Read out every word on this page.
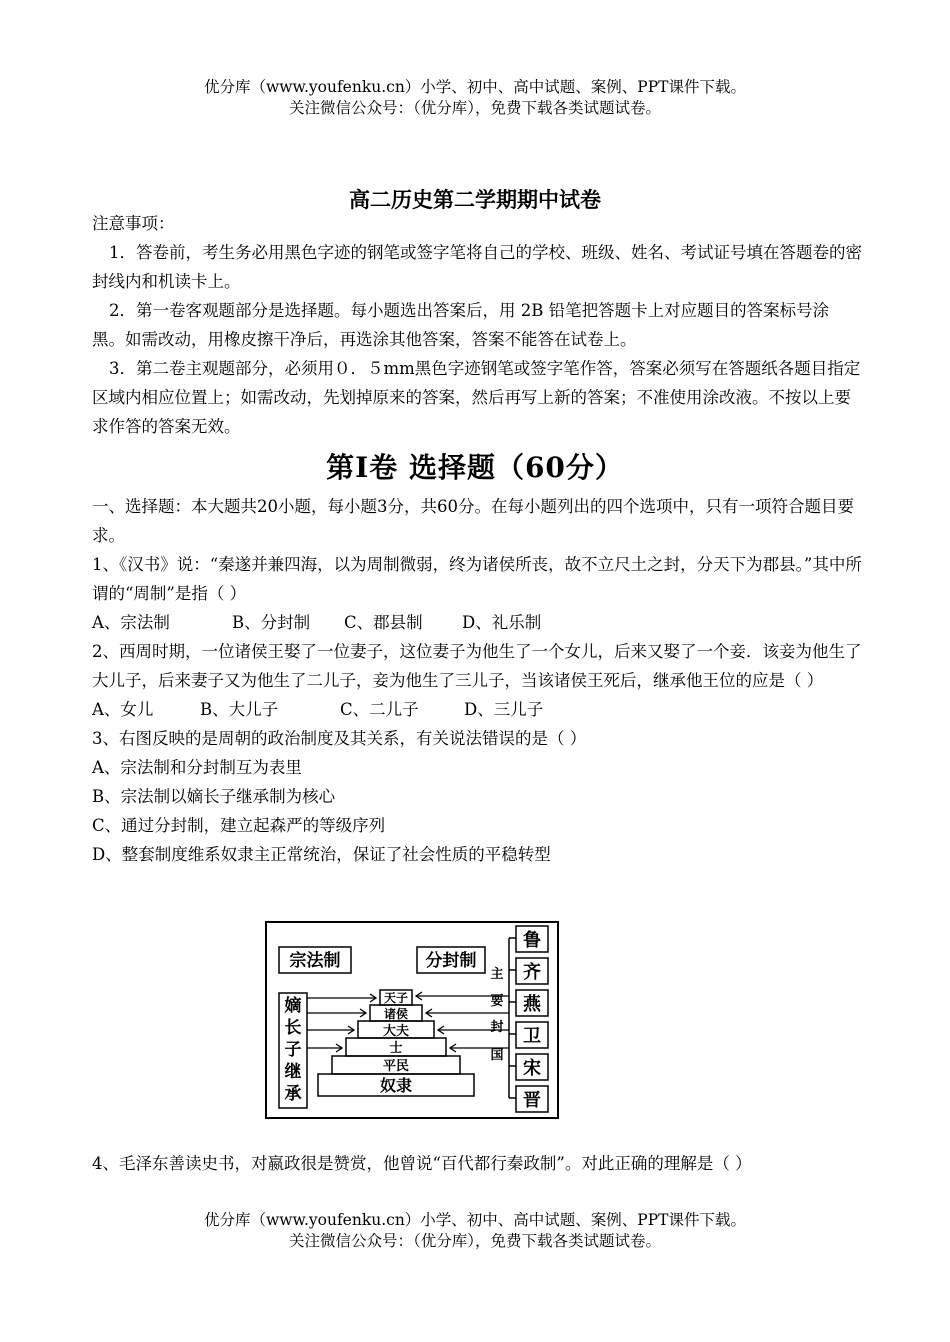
优分库（www.youfenku.cn）小学、初中、高中试题、案例、PPT课件下载。
关注微信公众号：（优分库），免费下载各类试题试卷。
高二历史第二学期期中试卷

注意事项：

1．答卷前，考生务必用黑色字迹的钢笔或签字笔将自己的学校、班级、姓名、考试证号填在答题卷的密封线内和机读卡上。

2．第一卷客观题部分是选择题。每小题选出答案后，用 2B 铅笔把答题卡上对应题目的答案标号涂黑。如需改动，用橡皮擦干净后，再选涂其他答案，答案不能答在试卷上。

3．第二卷主观题部分，必须用０．５mm黑色字迹钢笔或签字笔作答，答案必须写在答题纸各题目指定区域内相应位置上；如需改动，先划掉原来的答案，然后再写上新的答案；不准使用涂改液。不按以上要求作答的答案无效。

第Ⅰ卷 选择题（60分）

一、选择题：本大题共20小题，每小题3分，共60分。在每小题列出的四个选项中，只有一项符合题目要求。

1、《汉书》说：“秦遂并兼四海，以为周制微弱，终为诸侯所丧，故不立尺土之封，分天下为郡县。”其中所谓的“周制”是指（ ）

A、宗法制	B、分封制 C、郡县制 D、礼乐制

2、西周时期，一位诸侯王娶了一位妻子，这位妻子为他生了一个女儿，后来又娶了一个妾．该妾为他生了大儿子，后来妻子又为他生了二儿子，妾为他生了三儿子，当该诸侯王死后，继承他王位的应是（ ）

A、女儿	B、大儿子	C、二儿子	D、三儿子

3、右图反映的是周朝的政治制度及其关系，有关说法错误的是（ ）

A、宗法制和分封制互为表里

B、宗法制以嫡长子继承制为核心

C、通过分封制，建立起森严的等级序列

D、整套制度维系奴隶主正常统治，保证了社会性质的平稳转型

宗法制	分封制
嫡
长
子
继
承
天子
诸侯
大夫
士
平民
奴隶
主
要
封
国
鲁
齐
燕
卫
宋
晋

4、毛泽东善读史书，对嬴政很是赞赏，他曾说“百代都行秦政制”。对此正确的理解是（ ）

优分库（www.youfenku.cn）小学、初中、高中试题、案例、PPT课件下载。
关注微信公众号：（优分库），免费下载各类试题试卷。
